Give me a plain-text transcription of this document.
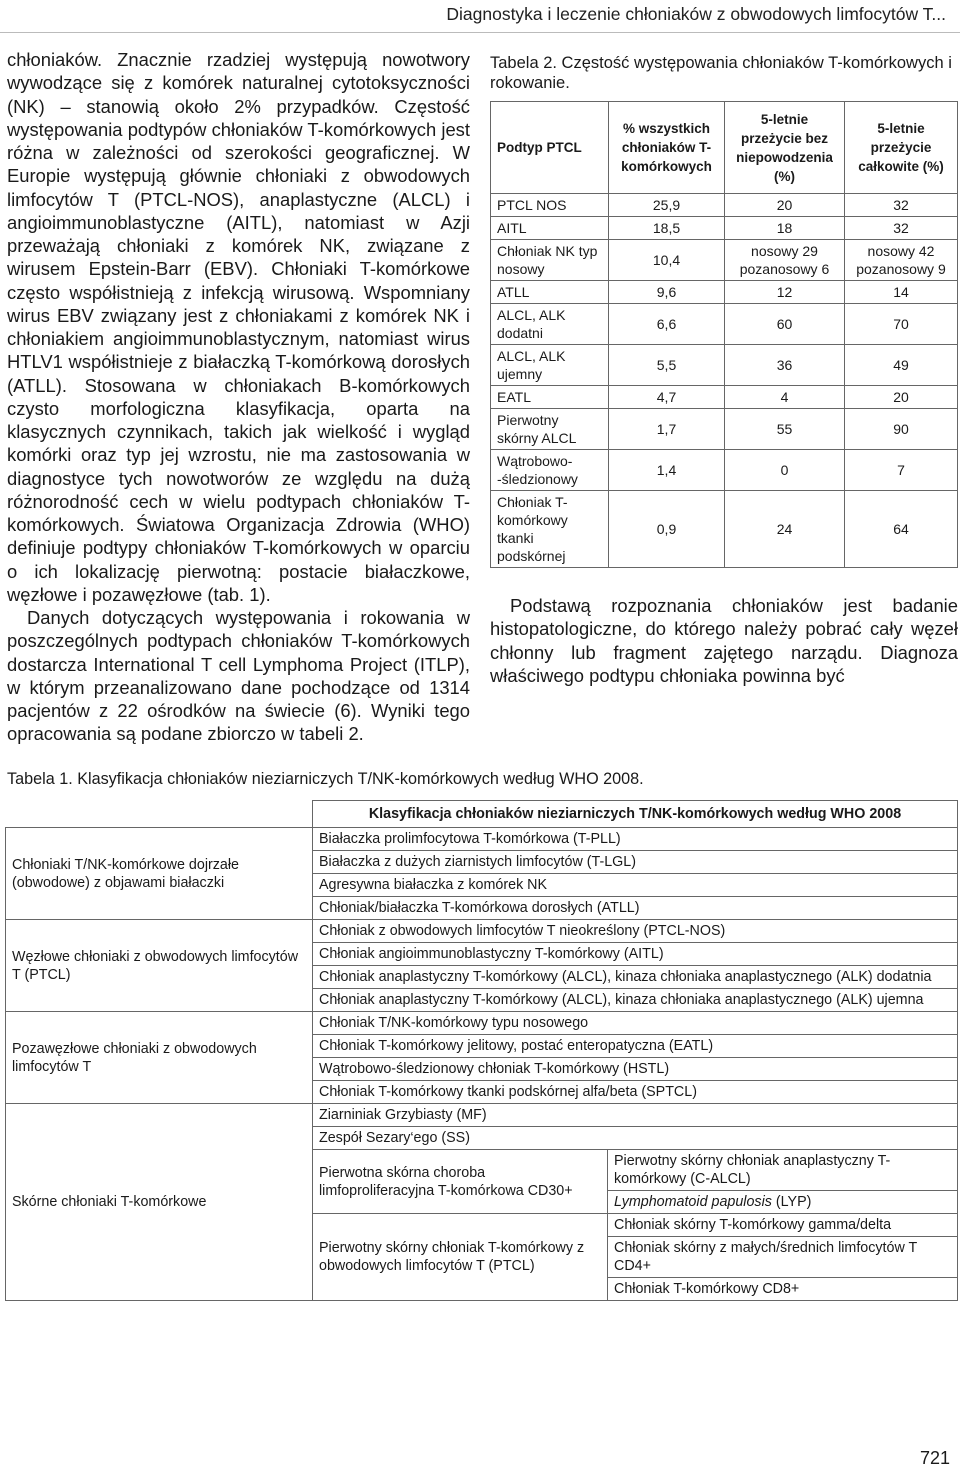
Diagnostyka i leczenie chłoniaków z obwodowych limfocytów T...

chłoniaków. Znacznie rzadziej występują nowotwory wywodzące się z komórek naturalnej cytotoksyczności (NK) – stanowią około 2% przypadków. Częstość występowania podtypów chłoniaków T-komórkowych jest różna w zależności od szerokości geograficznej. W Europie występują głównie chłoniaki z obwodowych limfocytów T (PTCL-NOS), anaplastyczne (ALCL) i angioimmunoblastyczne (AITL), natomiast w Azji przeważają chłoniaki z komórek NK, związane z wirusem Epstein-Barr (EBV). Chłoniaki T-komórkowe często współistnieją z infekcją wirusową. Wspomniany wirus EBV związany jest z chłoniakami z komórek NK i chłoniakiem angioimmunoblastycznym, natomiast wirus HTLV1 współistnieje z białaczką T-komórkową dorosłych (ATLL). Stosowana w chłoniakach B-komórkowych czysto morfologiczna klasyfikacja, oparta na klasycznych czynnikach, takich jak wielkość i wygląd komórki oraz typ jej wzrostu, nie ma zastosowania w diagnostyce tych nowotworów ze względu na dużą różnorodność cech w wielu podtypach chłoniaków T-komórkowych. Światowa Organizacja Zdrowia (WHO) definiuje podtypy chłoniaków T-komórkowych w oparciu o ich lokalizację pierwotną: postacie białaczkowe, węzłowe i pozawęzłowe (tab. 1).

Danych dotyczących występowania i rokowania w poszczególnych podtypach chłoniaków T-komórkowych dostarcza International T cell Lymphoma Project (ITLP), w którym przeanalizowano dane pochodzące od 1314 pacjentów z 22 ośrodków na świecie (6). Wyniki tego opracowania są podane zbiorczo w tabeli 2.

Tabela 2. Częstość występowania chłoniaków T-komórkowych i rokowanie.
Podtyp PTCL	% wszystkich chłoniaków T-komórkowych	5-letnie przeżycie bez niepowodzenia (%)	5-letnie przeżycie całkowite (%)
PTCL NOS	25,9	20	32
AITL	18,5	18	32
Chłoniak NK typ nosowy	10,4	nosowy 29 pozanosowy 6	nosowy 42 pozanosowy 9
ATLL	9,6	12	14
ALCL, ALK dodatni	6,6	60	70
ALCL, ALK ujemny	5,5	36	49
EATL	4,7	4	20
Pierwotny skórny ALCL	1,7	55	90
Wątrobowo-‑śledzionowy	1,4	0	7
Chłoniak T-komórkowy tkanki podskórnej	0,9	24	64

Podstawą rozpoznania chłoniaków jest badanie histopatologiczne, do którego należy pobrać cały węzeł chłonny lub fragment zajętego narządu. Diagnoza właściwego podtypu chłoniaka powinna być

Tabela 1. Klasyfikacja chłoniaków nieziarniczych T/NK-komórkowych według WHO 2008.
	Klasyfikacja chłoniaków nieziarniczych T/NK-komórkowych według WHO 2008	
Chłoniaki T/NK-komórkowe dojrzałe (obwodowe) z objawami białaczki	Białaczka prolimfocytowa T-komórkowa (T-PLL)	
	Białaczka z dużych ziarnistych limfocytów (T-LGL)	
	Agresywna białaczka z komórek NK	
	Chłoniak/białaczka T-komórkowa dorosłych (ATLL)	
Węzłowe chłoniaki z obwodowych limfocytów T (PTCL)	Chłoniak z obwodowych limfocytów T nieokreślony (PTCL-NOS)	
	Chłoniak angioimmunoblastyczny T-komórkowy (AITL)	
	Chłoniak anaplastyczny T-komórkowy (ALCL), kinaza chłoniaka anaplastycznego (ALK) dodatnia	
	Chłoniak anaplastyczny T-komórkowy (ALCL), kinaza chłoniaka anaplastycznego (ALK) ujemna	
Pozawęzłowe chłoniaki z obwodowych limfocytów T	Chłoniak T/NK-komórkowy typu nosowego	
	Chłoniak T-komórkowy jelitowy, postać enteropatyczna (EATL)	
	Wątrobowo-śledzionowy chłoniak T-komórkowy (HSTL)	
	Chłoniak T-komórkowy tkanki podskórnej alfa/beta (SPTCL)	
Skórne chłoniaki T-komórkowe	Ziarniniak Grzybiasty (MF)	
	Zespół Sezary‘ego (SS)	
	Pierwotna skórna choroba limfoproliferacyjna T-komórkowa CD30+	Pierwotny skórny chłoniak anaplastyczny T-komórkowy (C-ALCL)
		Lymphomatoid papulosis (LYP)
	Pierwotny skórny chłoniak T-komórkowy z obwodowych limfocytów T (PTCL)	Chłoniak skórny T-komórkowy gamma/delta
		Chłoniak skórny z małych/średnich limfocytów T CD4+
		Chłoniak T-komórkowy CD8+
721
